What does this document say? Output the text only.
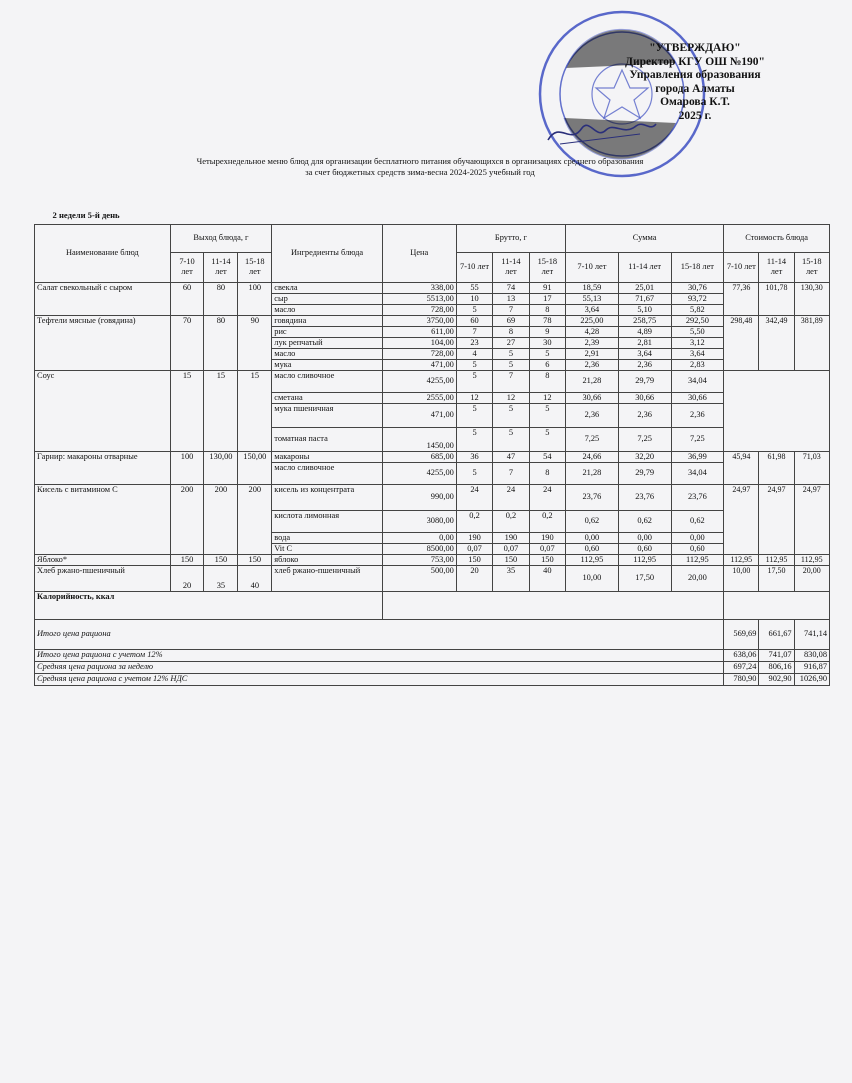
"УТВЕРЖДАЮ"
Директор КГУ ОШ №190"
Управления образования
города Алматы
Омарова К.Т.
2025 г.
Четырехнедельное меню блюд для организации бесплатного питания обучающихся в организациях среднего образования
за счет бюджетных средств зима-весна 2024-2025 учебный год
2 недели 5-й день														
Наименование блюд	Выход блюда, г			Ингредиенты блюда	Цена	Брутто, г			Сумма			Стоимость блюда		
	7-10 лет	11-14 лет	15-18 лет			7-10 лет	11-14 лет	15-18 лет	7-10 лет	11-14 лет	15-18 лет	7-10 лет	11-14 лет	15-18 лет
Салат свекольный с сыром	60	80	100	свекла	338,00	55	74	91	18,59	25,01	30,76	77,36	101,78	130,30
				сыр	5513,00	10	13	17	55,13	71,67	93,72			
				масло	728,00	5	7	8	3,64	5,10	5,82			
Тефтели мясные (говядина)	70	80	90	говядина	3750,00	60	69	78	225,00	258,75	292,50	298,48	342,49	381,89
				рис	611,00	7	8	9	4,28	4,89	5,50			
				лук репчатый	104,00	23	27	30	2,39	2,81	3,12			
				масло	728,00	4	5	5	2,91	3,64	3,64			
				мука	471,00	5	5	6	2,36	2,36	2,83			
Соус	15	15	15	масло сливочное	4255,00	5	7	8	21,28	29,79	34,04			
				сметана	2555,00	12	12	12	30,66	30,66	30,66			
				мука пшеничная	471,00	5	5	5	2,36	2,36	2,36			
				томатная паста	1450,00	5	5	5	7,25	7,25	7,25			
Гарнир: макароны отварные	100	130,00	150,00	макароны	685,00	36	47	54	24,66	32,20	36,99	45,94	61,98	71,03
				масло сливочное	4255,00	5	7	8	21,28	29,79	34,04			
Кисель с витамином С	200	200	200	кисель из концентрата	990,00	24	24	24	23,76	23,76	23,76	24,97	24,97	24,97
				кислота лимонная	3080,00	0,2	0,2	0,2	0,62	0,62	0,62			
				вода	0,00	190	190	190	0,00	0,00	0,00			
				Vit C	8500,00	0,07	0,07	0,07	0,60	0,60	0,60			
Яблоко*	150	150	150	яблоко	753,00	150	150	150	112,95	112,95	112,95	112,95	112,95	112,95
Хлеб ржано-пшеничный	20	35	40	хлеб ржано-пшеничный	500,00	20	35	40	10,00	17,50	20,00	10,00	17,50	20,00
Калорийность, ккал														
Итого цена рациона												569,69	661,67	741,14
Итого цена рациона с учетом 12%												638,06	741,07	830,08
Средняя цена рациона за неделю												697,24	806,16	916,87
Средняя цена рациона с учетом 12% НДС												780,90	902,90	1026,90
